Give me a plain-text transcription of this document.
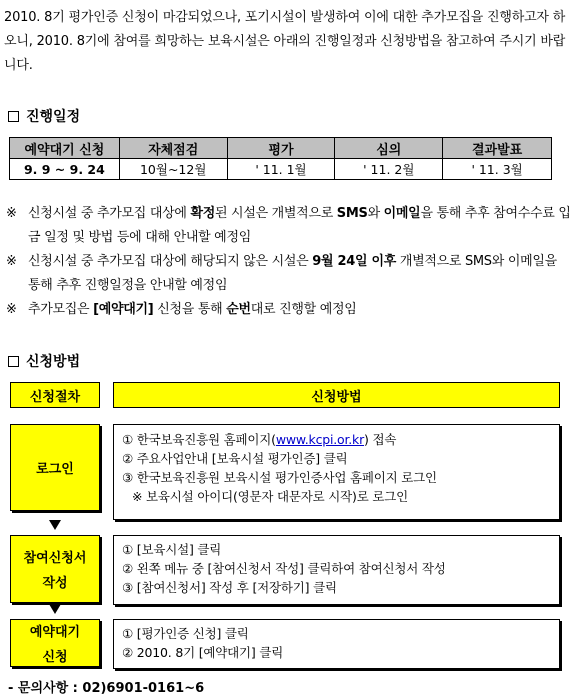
2010. 8기 평가인증 신청이 마감되었으나, 포기시설이 발생하여 이에 대한 추가모집을 진행하고자 하오니, 2010. 8기에 참여를 희망하는 보육시설은 아래의 진행일정과 신청방법을 참고하여 주시기 바랍니다.
진행일정
예약대기 신청	자체점검	평가	심의	결과발표
9. 9 ~ 9. 24	10월~12월	' 11. 1월	' 11. 2월	' 11. 3월
※ 신청시설 중 추가모집 대상에 확정된 시설은 개별적으로 SMS와 이메일을 통해 추후 참여수수료 입금 일정 및 방법 등에 대해 안내할 예정임
※ 신청시설 중 추가모집 대상에 해당되지 않은 시설은 9월 24일 이후 개별적으로 SMS와 이메일을 통해 추후 진행일정을 안내할 예정임
※ 추가모집은 [예약대기] 신청을 통해 순번대로 진행할 예정임
신청방법
신청절차	신청방법
로그인
① 한국보육진흥원 홈페이지(www.kcpi.or.kr) 접속
② 주요사업안내 [보육시설 평가인증] 클릭
③ 한국보육진흥원 보육시설 평가인증사업 홈페이지 로그인
※ 보육시설 아이디(영문자 대문자로 시작)로 로그인
참여신청서
작성
① [보육시설] 클릭
② 왼쪽 메뉴 중 [참여신청서 작성] 클릭하여 참여신청서 작성
③ [참여신청서] 작성 후 [저장하기] 클릭
예약대기
신청
① [평가인증 신청] 클릭
② 2010. 8기 [예약대기] 클릭
- 문의사항 : 02)6901-0161~6
